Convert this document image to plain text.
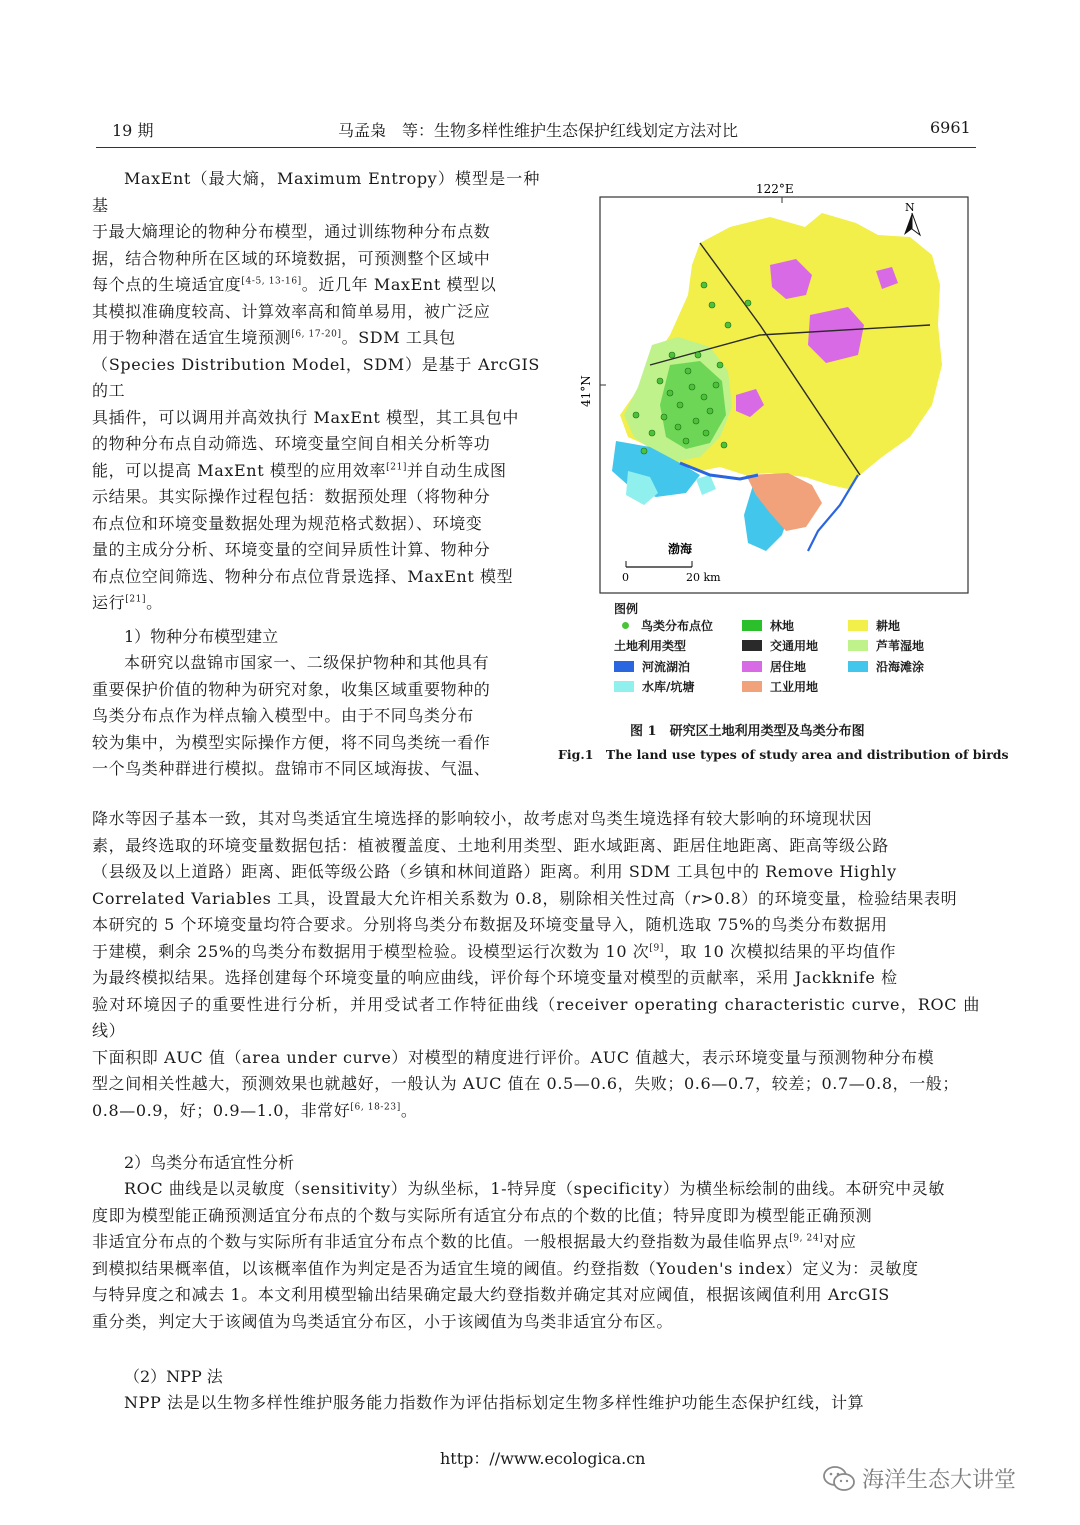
19 期	马孟枭　等：生物多样性维护生态保护红线划定方法对比	6961
MaxEnt（最大熵，Maximum Entropy）模型是一种基
于最大熵理论的物种分布模型，通过训练物种分布点数
据，结合物种所在区域的环境数据，可预测整个区域中
每个点的生境适宜度[4-5, 13-16]。近几年 MaxEnt 模型以
其模拟准确度较高、计算效率高和简单易用，被广泛应
用于物种潜在适宜生境预测[6, 17-20]。SDM 工具包
（Species Distribution Model，SDM）是基于 ArcGIS 的工
具插件，可以调用并高效执行 MaxEnt 模型，其工具包中
的物种分布点自动筛选、环境变量空间自相关分析等功
能，可以提高 MaxEnt 模型的应用效率[21]并自动生成图
示结果。其实际操作过程包括：数据预处理（将物种分
布点位和环境变量数据处理为规范格式数据）、环境变
量的主成分分析、环境变量的空间异质性计算、物种分
布点位空间筛选、物种分布点位背景选择、MaxEnt 模型
运行[21]。
1）物种分布模型建立
本研究以盘锦市国家一、二级保护物种和其他具有
重要保护价值的物种为研究对象，收集区域重要物种的
鸟类分布点作为样点输入模型中。由于不同鸟类分布
较为集中，为模型实际操作方便，将不同鸟类统一看作
一个鸟类种群进行模拟。盘锦市不同区域海拔、气温、
降水等因子基本一致，其对鸟类适宜生境选择的影响较小，故考虑对鸟类生境选择有较大影响的环境现状因
素，最终选取的环境变量数据包括：植被覆盖度、土地利用类型、距水域距离、距居住地距离、距高等级公路
（县级及以上道路）距离、距低等级公路（乡镇和林间道路）距离。利用 SDM 工具包中的 Remove Highly
Correlated Variables 工具，设置最大允许相关系数为 0.8，剔除相关性过高（r>0.8）的环境变量，检验结果表明
本研究的 5 个环境变量均符合要求。分别将鸟类分布数据及环境变量导入，随机选取 75%的鸟类分布数据用
于建模，剩余 25%的鸟类分布数据用于模型检验。设模型运行次数为 10 次[9]，取 10 次模拟结果的平均值作
为最终模拟结果。选择创建每个环境变量的响应曲线，评价每个环境变量对模型的贡献率，采用 Jackknife 检
验对环境因子的重要性进行分析，并用受试者工作特征曲线（receiver operating characteristic curve，ROC 曲线）
下面积即 AUC 值（area under curve）对模型的精度进行评价。AUC 值越大，表示环境变量与预测物种分布模
型之间相关性越大，预测效果也就越好，一般认为 AUC 值在 0.5—0.6，失败；0.6—0.7，较差；0.7—0.8，一般；
0.8—0.9，好；0.9—1.0，非常好[6, 18-23]。
2）鸟类分布适宜性分析
ROC 曲线是以灵敏度（sensitivity）为纵坐标，1-特异度（specificity）为横坐标绘制的曲线。本研究中灵敏
度即为模型能正确预测适宜分布点的个数与实际所有适宜分布点的个数的比值；特异度即为模型能正确预测
非适宜分布点的个数与实际所有非适宜分布点个数的比值。一般根据最大约登指数为最佳临界点[9, 24]对应
到模拟结果概率值，以该概率值作为判定是否为适宜生境的阈值。约登指数（Youden's index）定义为：灵敏度
与特异度之和减去 1。本文利用模型输出结果确定最大约登指数并确定其对应阈值，根据该阈值利用 ArcGIS
重分类，判定大于该阈值为鸟类适宜分布区，小于该阈值为鸟类非适宜分布区。
（2）NPP 法
NPP 法是以生物多样性维护服务能力指数作为评估指标划定生物多样性维护功能生态保护红线，计算
N
122°E
41°N
渤海
0	20 km
图例
鸟类分布点位
土地利用类型
林地	耕地
交通用地	芦苇湿地
河流湖泊	居住地	沿海滩涂
水库/坑塘	工业用地
图 1　研究区土地利用类型及鸟类分布图
Fig.1　The land use types of study area and distribution of birds
http：//www.ecologica.cn
海洋生态大讲堂
